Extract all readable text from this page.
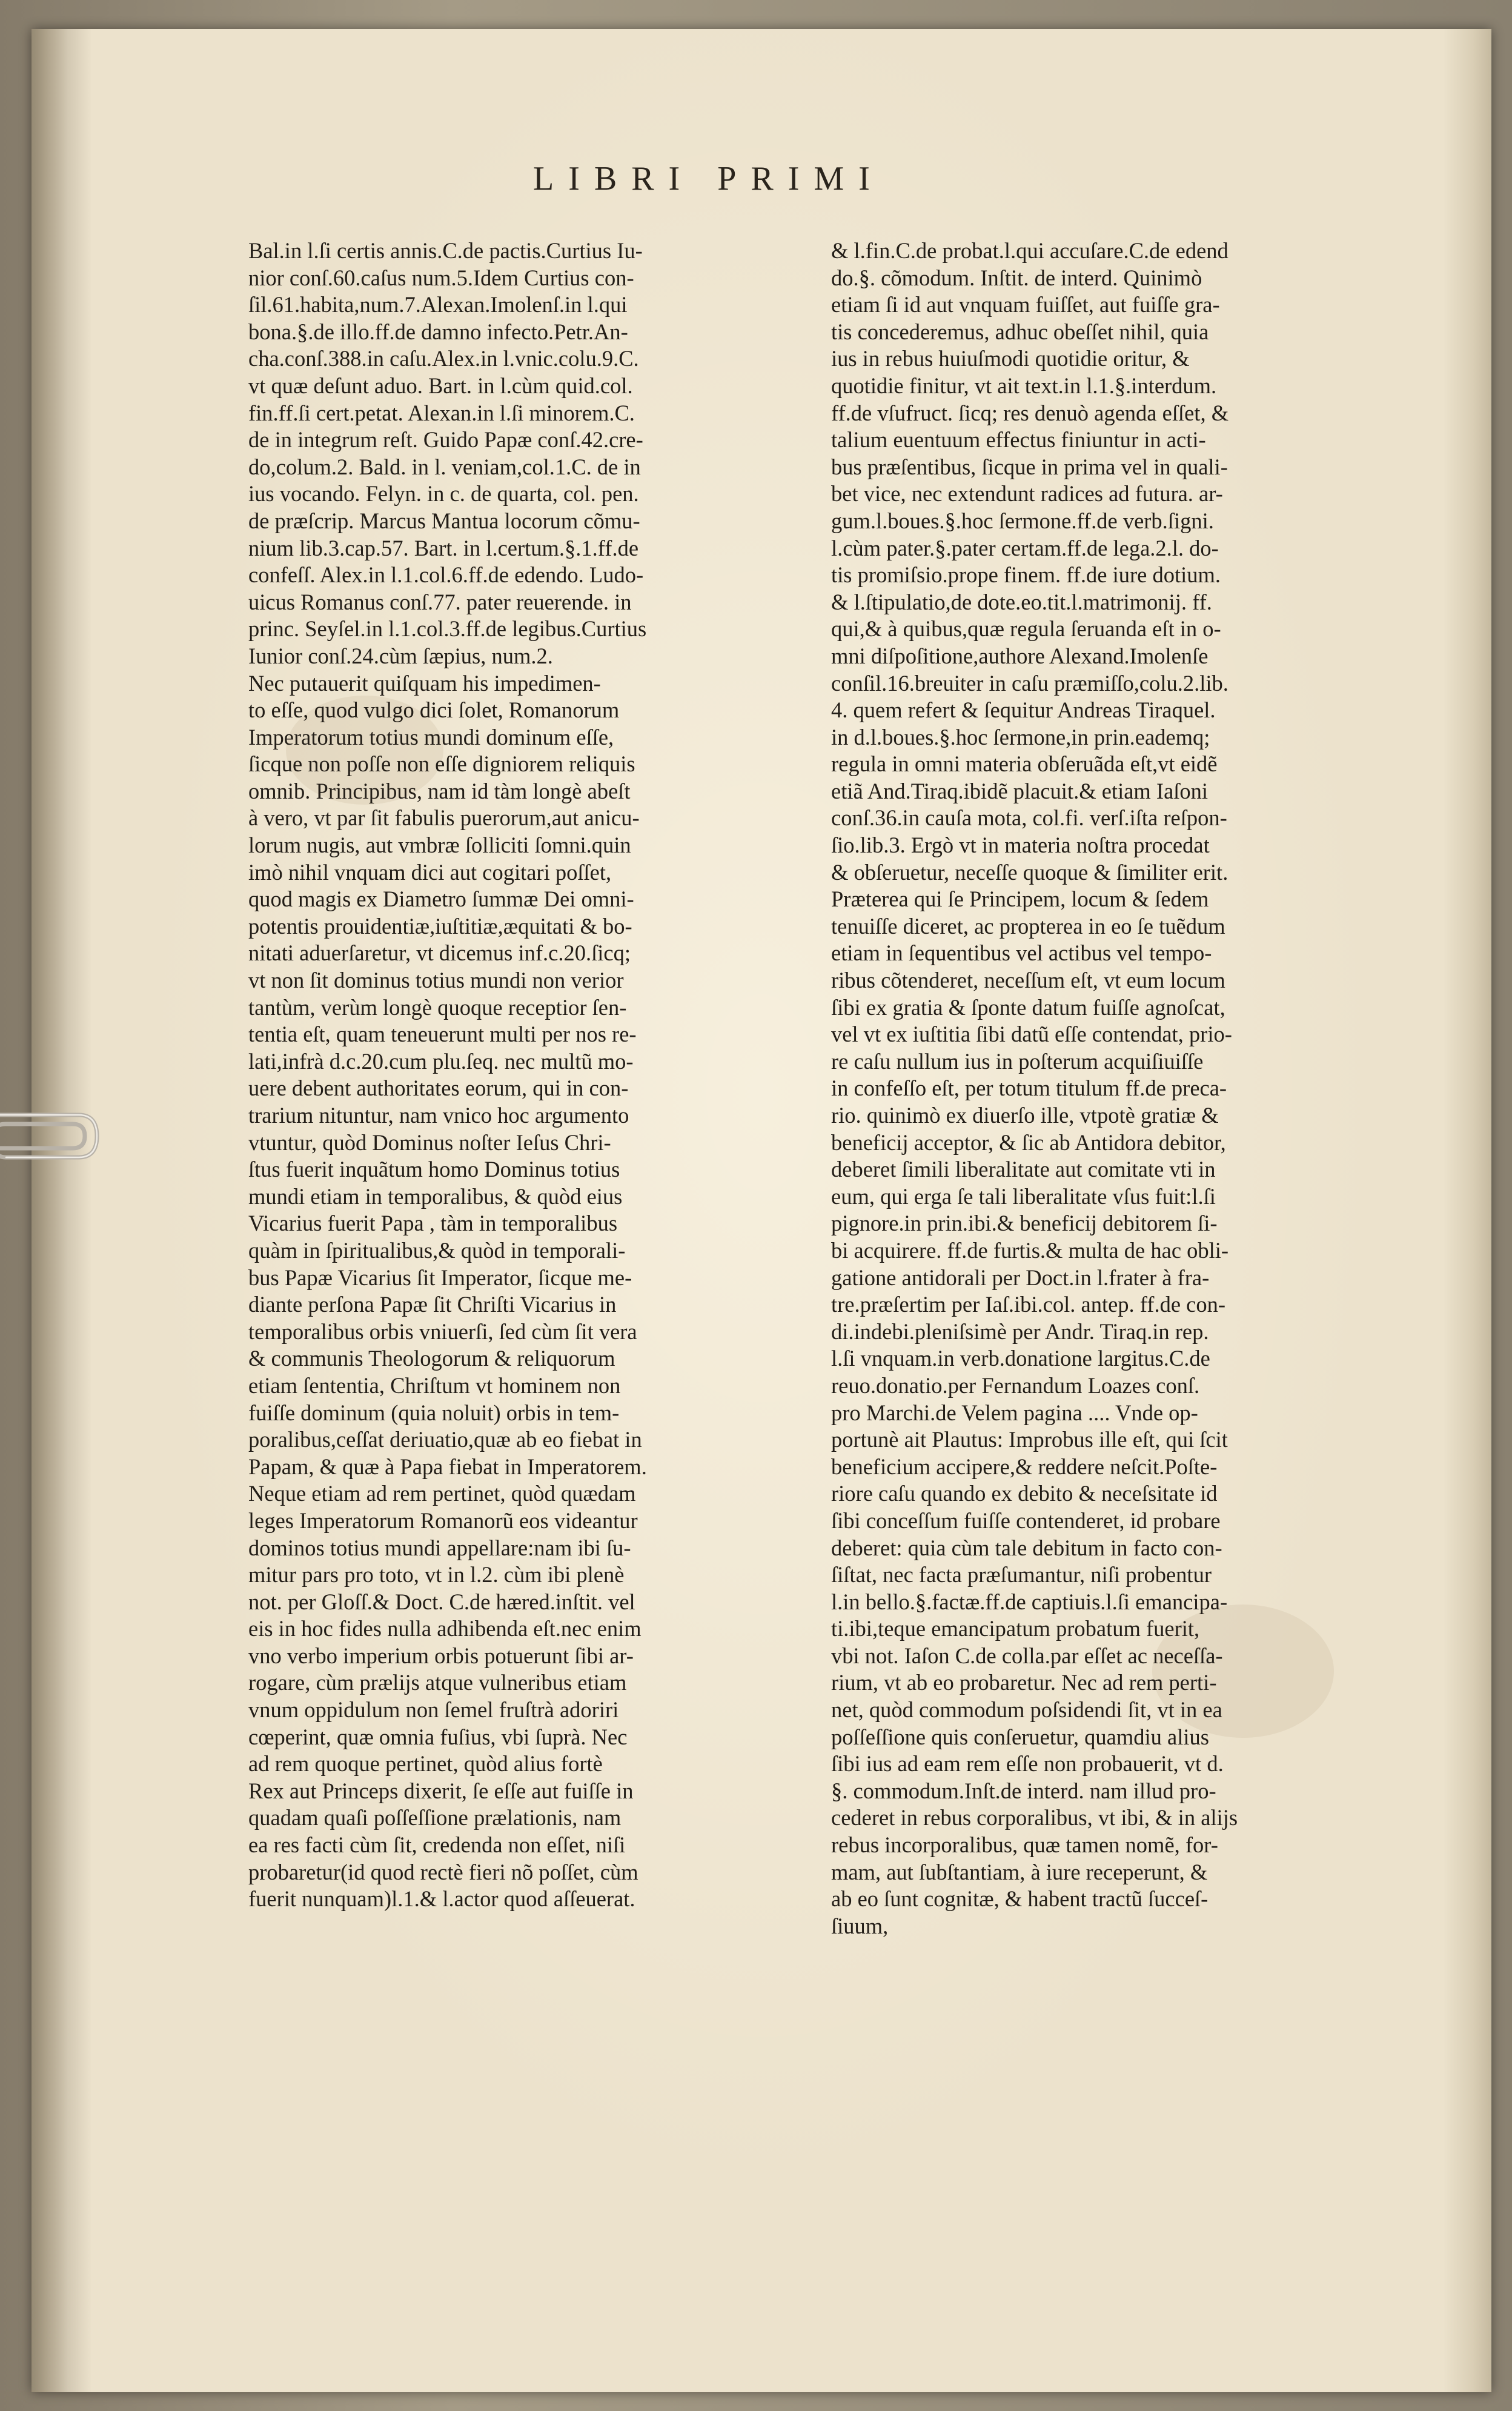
LIBRI PRIMI
Bal.in l.ſi certis annis.C.de pactis.Curtius Iu-
nior conſ.60.caſus num.5.Idem Curtius con-
ſil.61.habita,num.7.Alexan.Imolenſ.in l.qui
bona.§.de illo.ff.de damno infecto.Petr.An-
cha.conſ.388.in caſu.Alex.in l.vnic.colu.9.C.
vt quæ deſunt aduo. Bart. in l.cùm quid.col.
fin.ff.ſi cert.petat. Alexan.in l.ſi minorem.C.
de in integrum reſt. Guido Papæ conſ.42.cre-
do,colum.2. Bald. in l. veniam,col.1.C. de in
ius vocando. Felyn. in c. de quarta, col. pen.
de præſcrip. Marcus Mantua locorum cõmu-
nium lib.3.cap.57. Bart. in l.certum.§.1.ff.de
confeſſ. Alex.in l.1.col.6.ff.de edendo. Ludo-
uicus Romanus conſ.77. pater reuerende. in
princ. Seyſel.in l.1.col.3.ff.de legibus.Curtius
Iunior conſ.24.cùm ſæpius, num.2.
Nec putauerit quiſquam his impedimen-
to eſſe, quod vulgo dici ſolet, Romanorum
Imperatorum totius mundi dominum eſſe,
ſicque non poſſe non eſſe digniorem reliquis
omnib. Principibus, nam id tàm longè abeſt
à vero, vt par ſit fabulis puerorum,aut anicu-
lorum nugis, aut vmbræ ſolliciti ſomni.quin
imò nihil vnquam dici aut cogitari poſſet,
quod magis ex Diametro ſummæ Dei omni-
potentis prouidentiæ,iuſtitiæ,æquitati & bo-
nitati aduerſaretur, vt dicemus inf.c.20.ſicq;
vt non ſit dominus totius mundi non verior
tantùm, verùm longè quoque receptior ſen-
tentia eſt, quam teneuerunt multi per nos re-
lati,infrà d.c.20.cum plu.ſeq. nec multũ mo-
uere debent authoritates eorum, qui in con-
trarium nituntur, nam vnico hoc argumento
vtuntur, quòd Dominus noſter Ieſus Chri-
ſtus fuerit inquãtum homo Dominus totius
mundi etiam in temporalibus, & quòd eius
Vicarius fuerit Papa , tàm in temporalibus
quàm in ſpiritualibus,& quòd in temporali-
bus Papæ Vicarius ſit Imperator, ſicque me-
diante perſona Papæ ſit Chriſti Vicarius in
temporalibus orbis vniuerſi, ſed cùm ſit vera
& communis Theologorum & reliquorum
etiam ſententia, Chriſtum vt hominem non
fuiſſe dominum (quia noluit) orbis in tem-
poralibus,ceſſat deriuatio,quæ ab eo fiebat in
Papam, & quæ à Papa fiebat in Imperatorem.
Neque etiam ad rem pertinet, quòd quædam
leges Imperatorum Romanorũ eos videantur
dominos totius mundi appellare:nam ibi ſu-
mitur pars pro toto, vt in l.2. cùm ibi plenè
not. per Gloſſ.& Doct. C.de hæred.inſtit. vel
eis in hoc fides nulla adhibenda eſt.nec enim
vno verbo imperium orbis potuerunt ſibi ar-
rogare, cùm prælijs atque vulneribus etiam
vnum oppidulum non ſemel fruſtrà adoriri
cœperint, quæ omnia fuſius, vbi ſuprà. Nec
ad rem quoque pertinet, quòd alius fortè
Rex aut Princeps dixerit, ſe eſſe aut fuiſſe in
quadam quaſi poſſeſſione prælationis, nam
ea res facti cùm ſit, credenda non eſſet, niſi
probaretur(id quod rectè fieri nõ poſſet, cùm
fuerit nunquam)l.1.& l.actor quod aſſeuerat.
& l.fin.C.de probat.l.qui accuſare.C.de edend
do.§. cõmodum. Inſtit. de interd. Quinimò
etiam ſi id aut vnquam fuiſſet, aut fuiſſe gra-
tis concederemus, adhuc obeſſet nihil, quia
ius in rebus huiuſmodi quotidie oritur, &
quotidie finitur, vt ait text.in l.1.§.interdum.
ff.de vſufruct. ſicq; res denuò agenda eſſet, &
talium euentuum effectus finiuntur in acti-
bus præſentibus, ſicque in prima vel in quali-
bet vice, nec extendunt radices ad futura. ar-
gum.l.boues.§.hoc ſermone.ff.de verb.ſigni.
l.cùm pater.§.pater certam.ff.de lega.2.l. do-
tis promiſsio.prope finem. ff.de iure dotium.
& l.ſtipulatio,de dote.eo.tit.l.matrimonij. ff.
qui,& à quibus,quæ regula ſeruanda eſt in o-
mni diſpoſitione,authore Alexand.Imolenſe
conſil.16.breuiter in caſu præmiſſo,colu.2.lib.
4. quem refert & ſequitur Andreas Tiraquel.
in d.l.boues.§.hoc ſermone,in prin.eademq;
regula in omni materia obſeruãda eſt,vt eidẽ
etiã And.Tiraq.ibidẽ placuit.& etiam Iaſoni
conſ.36.in cauſa mota, col.fi. verſ.iſta reſpon-
ſio.lib.3. Ergò vt in materia noſtra procedat
& obſeruetur, neceſſe quoque & ſimiliter erit.
Præterea qui ſe Principem, locum & ſedem
tenuiſſe diceret, ac propterea in eo ſe tuẽdum
etiam in ſequentibus vel actibus vel tempo-
ribus cõtenderet, neceſſum eſt, vt eum locum
ſibi ex gratia & ſponte datum fuiſſe agnoſcat,
vel vt ex iuſtitia ſibi datũ eſſe contendat, prio-
re caſu nullum ius in poſterum acquiſiuiſſe
in confeſſo eſt, per totum titulum ff.de preca-
rio. quinimò ex diuerſo ille, vtpotè gratiæ &
beneficij acceptor, & ſic ab Antidora debitor,
deberet ſimili liberalitate aut comitate vti in
eum, qui erga ſe tali liberalitate vſus fuit:l.ſi
pignore.in prin.ibi.& beneficij debitorem ſi-
bi acquirere. ff.de furtis.& multa de hac obli-
gatione antidorali per Doct.in l.frater à fra-
tre.præſertim per Iaſ.ibi.col. antep. ff.de con-
di.indebi.pleniſsimè per Andr. Tiraq.in rep.
l.ſi vnquam.in verb.donatione largitus.C.de
reuo.donatio.per Fernandum Loazes conſ.
pro Marchi.de Velem pagina .... Vnde op-
portunè ait Plautus: Improbus ille eſt, qui ſcit
beneficium accipere,& reddere neſcit.Poſte-
riore caſu quando ex debito & neceſsitate id
ſibi conceſſum fuiſſe contenderet, id probare
deberet: quia cùm tale debitum in facto con-
ſiſtat, nec facta præſumantur, niſi probentur
l.in bello.§.factæ.ff.de captiuis.l.ſi emancipa-
ti.ibi,teque emancipatum probatum fuerit,
vbi not. Iaſon C.de colla.par eſſet ac neceſſa-
rium, vt ab eo probaretur. Nec ad rem perti-
net, quòd commodum poſsidendi ſit, vt in ea
poſſeſſione quis conſeruetur, quamdiu alius
ſibi ius ad eam rem eſſe non probauerit, vt d.
§. commodum.Inſt.de interd. nam illud pro-
cederet in rebus corporalibus, vt ibi, & in alijs
rebus incorporalibus, quæ tamen nomẽ, for-
mam, aut ſubſtantiam, à iure receperunt, &
ab eo ſunt cognitæ, & habent tractũ ſucceſ-
ſiuum,
